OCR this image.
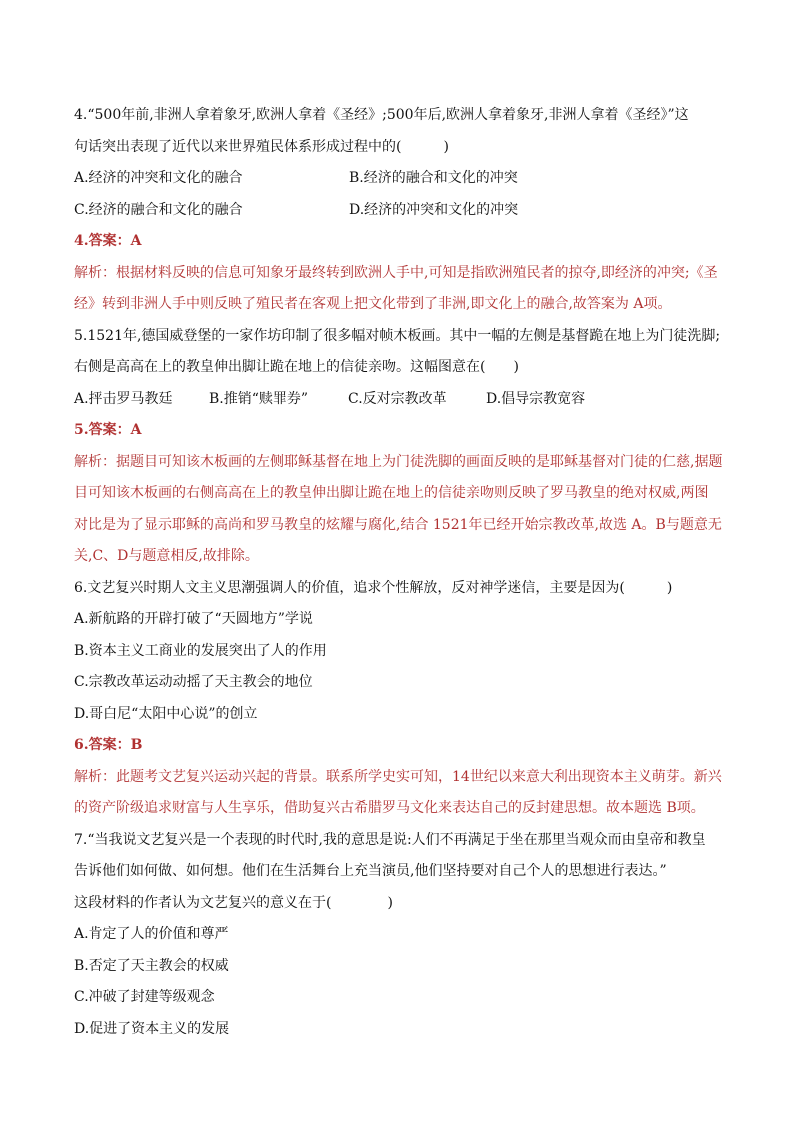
4.“500年前,非洲人拿着象牙,欧洲人拿着《圣经》;500年后,欧洲人拿着象牙,非洲人拿着《圣经》”这
句话突出表现了近代以来世界殖民体系形成过程中的(　　　)
A.经济的冲突和文化的融合	B.经济的融合和文化的冲突
C.经济的融合和文化的融合	D.经济的冲突和文化的冲突
4.答案：A
解析：根据材料反映的信息可知象牙最终转到欧洲人手中,可知是指欧洲殖民者的掠夺,即经济的冲突;《圣
经》转到非洲人手中则反映了殖民者在客观上把文化带到了非洲,即文化上的融合,故答案为 A项。
5.1521年,德国威登堡的一家作坊印制了很多幅对帧木板画。其中一幅的左侧是基督跪在地上为门徒洗脚;
右侧是高高在上的教皇伸出脚让跪在地上的信徒亲吻。这幅图意在(　　)
A.抨击罗马教廷	B.推销“赎罪券”	C.反对宗教改革	D.倡导宗教宽容
5.答案：A
解析：据题目可知该木板画的左侧耶稣基督在地上为门徒洗脚的画面反映的是耶稣基督对门徒的仁慈,据题
目可知该木板画的右侧高高在上的教皇伸出脚让跪在地上的信徒亲吻则反映了罗马教皇的绝对权威,两图
对比是为了显示耶稣的高尚和罗马教皇的炫耀与腐化,结合 1521年已经开始宗教改革,故选 A。B与题意无
关,C、D与题意相反,故排除。
6.文艺复兴时期人文主义思潮强调人的价值，追求个性解放，反对神学迷信，主要是因为(　　　)
A.新航路的开辟打破了“天圆地方”学说
B.资本主义工商业的发展突出了人的作用
C.宗教改革运动动摇了天主教会的地位
D.哥白尼“太阳中心说”的创立
6.答案：B
解析：此题考文艺复兴运动兴起的背景。联系所学史实可知，14世纪以来意大利出现资本主义萌芽。新兴
的资产阶级追求财富与人生享乐，借助复兴古希腊罗马文化来表达自己的反封建思想。故本题选 B项。
7.“当我说文艺复兴是一个表现的时代时,我的意思是说:人们不再满足于坐在那里当观众而由皇帝和教皇
告诉他们如何做、如何想。他们在生活舞台上充当演员,他们坚持要对自己个人的思想进行表达。”
这段材料的作者认为文艺复兴的意义在于(　　　　)
A.肯定了人的价值和尊严
B.否定了天主教会的权威
C.冲破了封建等级观念
D.促进了资本主义的发展
